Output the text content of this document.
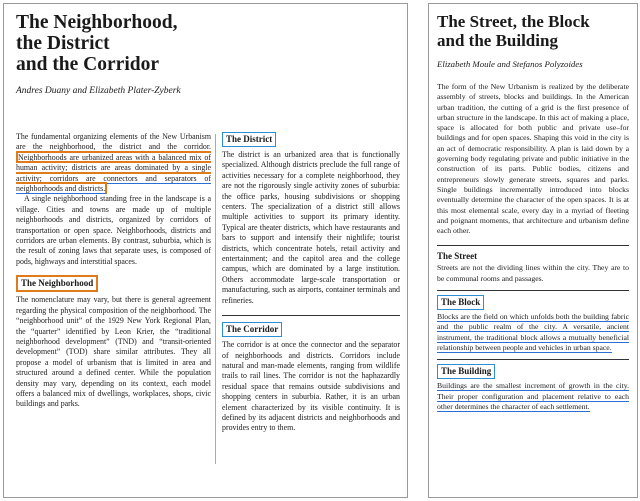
The Neighborhood,
the District
and the Corridor
Andres Duany and Elizabeth Plater-Zyberk

The fundamental organizing elements of the New Urbanism are the neighborhood, the district and the corridor. Neighborhoods are urbanized areas with a balanced mix of human activity; districts are areas dominated by a single activity; corridors are connectors and separators of neighborhoods and districts.

A single neighborhood standing free in the landscape is a village. Cities and towns are made up of multiple neighborhoods and districts, organized by corridors of transportation or open space. Neighborhoods, districts and corridors are urban elements. By contrast, suburbia, which is the result of zoning laws that separate uses, is composed of pods, highways and interstitial spaces.

The Neighborhood

The nomenclature may vary, but there is general agreement regarding the physical composition of the neighborhood. The “neighborhood unit” of the 1929 New York Regional Plan, the “quarter” identified by Leon Krier, the “traditional neighborhood development” (TND) and “transit-oriented development” (TOD) share similar attributes. They all propose a model of urbanism that is limited in area and structured around a defined center. While the population density may vary, depending on its context, each model offers a balanced mix of dwellings, workplaces, shops, civic buildings and parks.

The District

The district is an urbanized area that is functionally specialized. Although districts preclude the full range of activities necessary for a complete neighborhood, they are not the rigorously single activity zones of suburbia: the office parks, housing subdivisions or shopping centers. The specialization of a district still allows multiple activities to support its primary identity. Typical are theater districts, which have restaurants and bars to support and intensify their nightlife; tourist districts, which concentrate hotels, retail activity and entertainment; and the capitol area and the college campus, which are dominated by a large institution. Others accommodate large-scale transportation or manufacturing, such as airports, container terminals and refineries.

The Corridor

The corridor is at once the connector and the separator of neighborhoods and districts. Corridors include natural and man-made elements, ranging from wildlife trails to rail lines. The corridor is not the haphazardly residual space that remains outside subdivisions and shopping centers in suburbia. Rather, it is an urban element characterized by its visible continuity. It is defined by its adjacent districts and neighborhoods and provides entry to them.

The Street, the Block
and the Building
Elizabeth Moule and Stefanos Polyzoides

The form of the New Urbanism is realized by the deliberate assembly of streets, blocks and buildings. In the American urban tradition, the cutting of a grid is the first presence of urban structure in the landscape. In this act of making a place, space is allocated for both public and private use–for buildings and for open spaces. Shaping this void in the city is an act of democratic responsibility. A plan is laid down by a governing body regulating private and public initiative in the construction of its parts. Public bodies, citizens and entrepreneurs slowly generate streets, squares and parks. Single buildings incrementally introduced into blocks eventually determine the character of the open spaces. It is at this most elemental scale, every day in a myriad of fleeting and poignant moments, that architecture and urbanism define each other.

The Street

Streets are not the dividing lines within the city. They are to be communal rooms and passages.

The Block

Blocks are the field on which unfolds both the building fabric and the public realm of the city. A versatile, ancient instrument, the traditional block allows a mutually beneficial relationship between people and vehicles in urban space.

The Building

Buildings are the smallest increment of growth in the city. Their proper configuration and placement relative to each other determines the character of each settlement.
